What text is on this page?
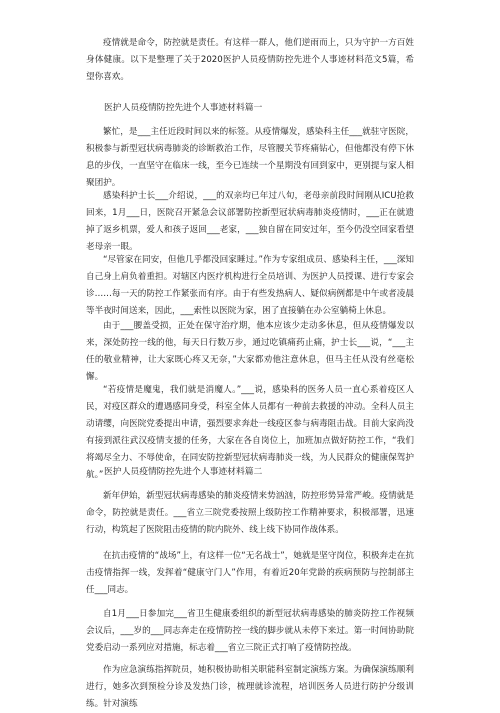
疫情就是命令，防控就是责任。有这样一群人，他们逆雨而上，只为守护一方百姓身体健康。以下是整理了关于2020医护人员疫情防控先进个人事迹材料范文5篇，希望你喜欢。

医护人员疫情防控先进个人事迹材料篇一

繁忙，是___主任近段时间以来的标签。从疫情爆发，感染科主任___就驻守医院，积极参与新型冠状病毒肺炎的诊断救治工作，尽管腰关节疼痛钻心，但他都没有停下休息的步伐，一直坚守在临床一线，至今已连续一个星期没有回到家中，更别提与家人相聚团护。

感染科护士长___介绍说，___的双亲均已年过八旬，老母亲前段时间刚从ICU抢救回来，1月___日，医院召开紧急会议部署防控新型冠状病毒肺炎疫情时，___正在就遗掉了返乡机票，爱人和孩子返回___老家，___独自留在同安过年，至今仍没空回家看望老母亲一眼。

“尽管家在同安，但他几乎都没回家睡过。”作为专家组成员、感染科主任，___深知自己身上肩负着重担。对辖区内医疗机构进行全员培训、为医护人员授课、进行专家会诊……每一天的防控工作紧张而有序。由于有些发热病人、疑似病例都是中午或者凌晨等半夜时间送来，因此，___索性以医院为家，困了直接躺在办公室躺椅上休息。

由于___腰盖受损，正处在保守治疗期，他本应该少走动多休息，但从疫情爆发以来，深处防控一线的他，每天日行数万步，通过吃镇痛药止痛，护士长___说，“___主任的敬业精神，让大家既心疼又无奈，”大家都劝他注意休息，但马主任从没有丝毫松懈。

“若疫情是魔鬼，我们就是消魔人。”___说，感染科的医务人员一直心系着疫区人民，对疫区群众的遭遇感同身受，科室全体人员都有一种前去救援的冲动。全科人员主动请缨，向医院党委提出申请，强烈要求奔赴一线疫区参与病毒阻击战。目前大家尚没有接到派往武汉疫情支援的任务，大家在各自岗位上，加班加点做好防控工作，“我们将竭尽全力、不辱使命，在同安防控新型冠状病毒肺炎一线，为人民群众的健康保驾护航。” 医护人员疫情防控先进个人事迹材料篇二

新年伊始，新型冠状病毒感染的肺炎疫情来势汹汹，防控形势异常严峻。疫情就是命令，防控就是责任。___省立三院党委按照上级防控工作精神要求，积极部署，迅速行动，构筑起了医院阻击疫情的院内院外、线上线下协同作战体系。

在抗击疫情的“战场”上，有这样一位“无名战士”，她就是坚守岗位，积极奔走在抗击疫情指挥一线，发挥着“健康守门人”作用，有着近20年党龄的疾病预防与控制部主任___同志。

自1月___日参加完___省卫生健康委组织的新型冠状病毒感染的肺炎防控工作视频会议后，___岁的___同志奔走在疫情防控一线的脚步就从未停下来过。第一时间协助院党委启动一系列应对措施，标志着___省立三院正式打响了疫情防控战。

作为应急演练指挥院员，她积极协助相关职能科室制定演练方案。为确保演练顺利进行，她多次到预检分诊及发热门诊，梳理就诊流程，培训医务人员进行防护分级训练。针对演练
